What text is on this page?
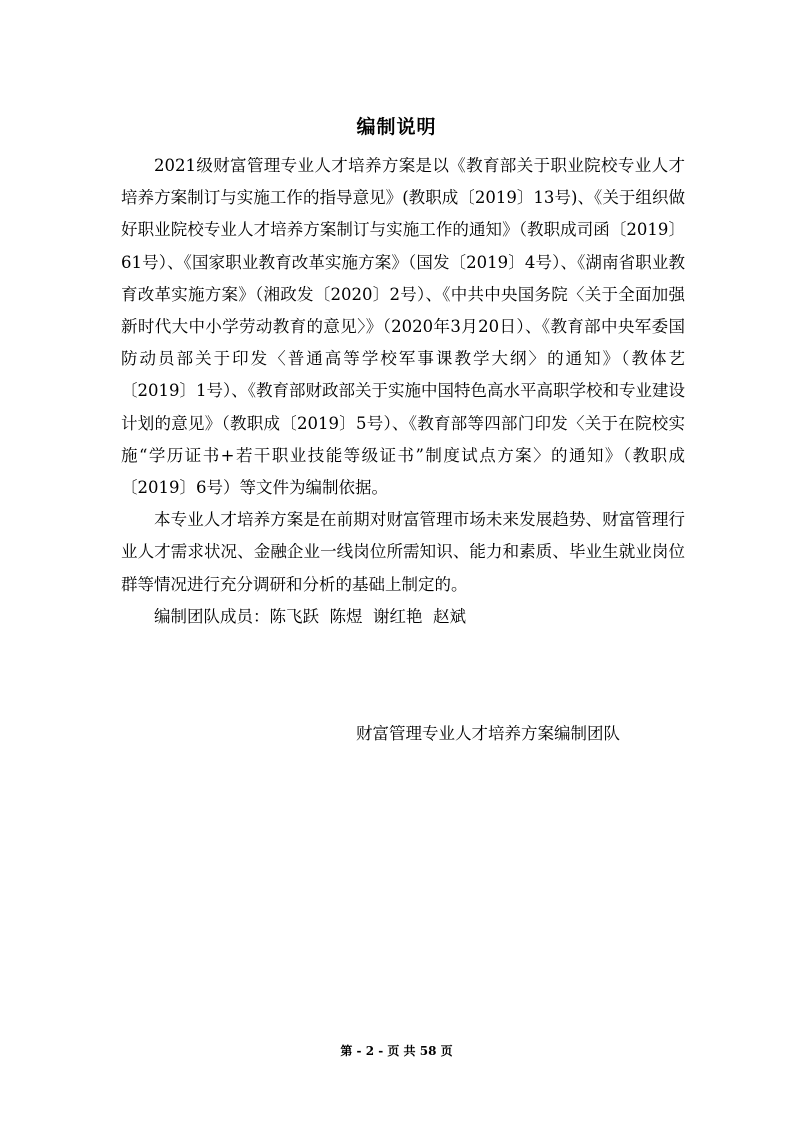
编制说明

2021级财富管理专业人才培养方案是以《教育部关于职业院校专业人才培养方案制订与实施工作的指导意见》(教职成〔2019〕13号)、《关于组织做好职业院校专业人才培养方案制订与实施工作的通知》（教职成司函〔2019〕61号）、《国家职业教育改革实施方案》（国发〔2019〕4号）、《湖南省职业教育改革实施方案》（湘政发〔2020〕2号）、《中共中央国务院〈关于全面加强新时代大中小学劳动教育的意见〉》（2020年3月20日）、《教育部中央军委国防动员部关于印发〈普通高等学校军事课教学大纲〉的通知》（教体艺〔2019〕1号）、《教育部财政部关于实施中国特色高水平高职学校和专业建设计划的意见》（教职成〔2019〕5号）、《教育部等四部门印发〈关于在院校实施“学历证书+若干职业技能等级证书”制度试点方案〉的通知》（教职成〔2019〕6号）等文件为编制依据。

本专业人才培养方案是在前期对财富管理市场未来发展趋势、财富管理行业人才需求状况、金融企业一线岗位所需知识、能力和素质、毕业生就业岗位群等情况进行充分调研和分析的基础上制定的。

编制团队成员：陈飞跃  陈煜  谢红艳  赵斌

财富管理专业人才培养方案编制团队
第 - 2 - 页 共 58 页
